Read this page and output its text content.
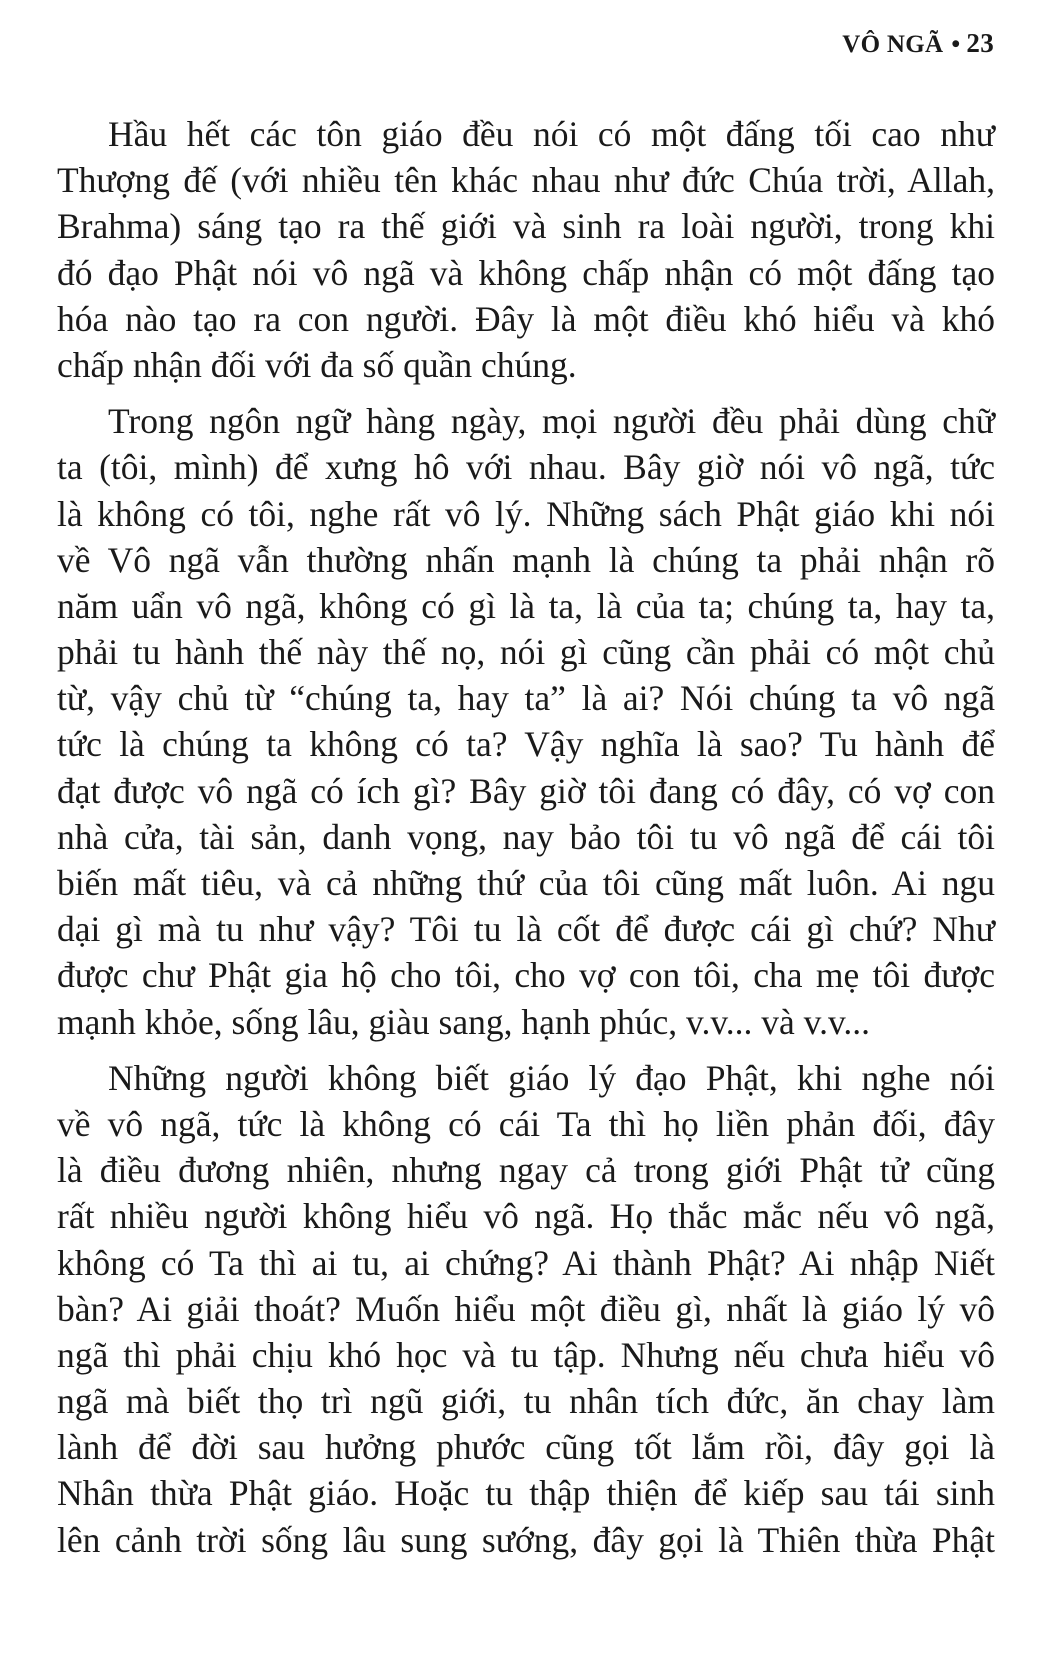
VÔ NGÃ • 23
Hầu hết các tôn giáo đều nói có một đấng tối cao như
Thượng đế (với nhiều tên khác nhau như đức Chúa trời, Allah,
Brahma) sáng tạo ra thế giới và sinh ra loài người, trong khi
đó đạo Phật nói vô ngã và không chấp nhận có một đấng tạo
hóa nào tạo ra con người. Đây là một điều khó hiểu và khó
chấp nhận đối với đa số quần chúng.
Trong ngôn ngữ hàng ngày, mọi người đều phải dùng chữ
ta (tôi, mình) để xưng hô với nhau. Bây giờ nói vô ngã, tức
là không có tôi, nghe rất vô lý. Những sách Phật giáo khi nói
về Vô ngã vẫn thường nhấn mạnh là chúng ta phải nhận rõ
năm uẩn vô ngã, không có gì là ta, là của ta; chúng ta, hay ta,
phải tu hành thế này thế nọ, nói gì cũng cần phải có một chủ
từ, vậy chủ từ “chúng ta, hay ta” là ai? Nói chúng ta vô ngã
tức là chúng ta không có ta? Vậy nghĩa là sao? Tu hành để
đạt được vô ngã có ích gì? Bây giờ tôi đang có đây, có vợ con
nhà cửa, tài sản, danh vọng, nay bảo tôi tu vô ngã để cái tôi
biến mất tiêu, và cả những thứ của tôi cũng mất luôn. Ai ngu
dại gì mà tu như vậy? Tôi tu là cốt để được cái gì chứ? Như
được chư Phật gia hộ cho tôi, cho vợ con tôi, cha mẹ tôi được
mạnh khỏe, sống lâu, giàu sang, hạnh phúc, v.v... và v.v...
Những người không biết giáo lý đạo Phật, khi nghe nói
về vô ngã, tức là không có cái Ta thì họ liền phản đối, đây
là điều đương nhiên, nhưng ngay cả trong giới Phật tử cũng
rất nhiều người không hiểu vô ngã. Họ thắc mắc nếu vô ngã,
không có Ta thì ai tu, ai chứng? Ai thành Phật? Ai nhập Niết
bàn? Ai giải thoát? Muốn hiểu một điều gì, nhất là giáo lý vô
ngã thì phải chịu khó học và tu tập. Nhưng nếu chưa hiểu vô
ngã mà biết thọ trì ngũ giới, tu nhân tích đức, ăn chay làm
lành để đời sau hưởng phước cũng tốt lắm rồi, đây gọi là
Nhân thừa Phật giáo. Hoặc tu thập thiện để kiếp sau tái sinh
lên cảnh trời sống lâu sung sướng, đây gọi là Thiên thừa Phật
